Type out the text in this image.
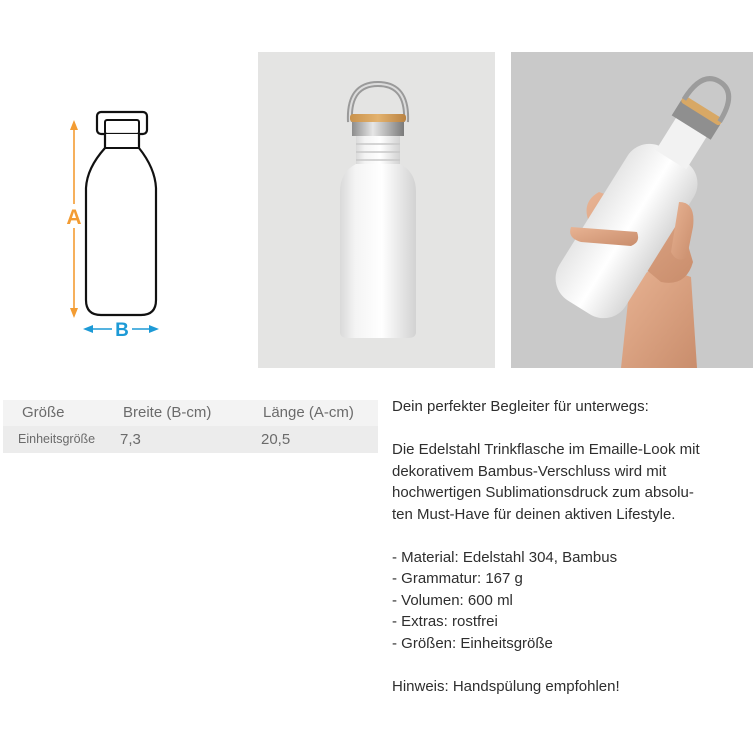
A
B
Größe	Breite (B-cm)	Länge (A-cm)
Einheitsgröße 7,3	20,5

Dein perfekter Begleiter für unterwegs:

Die Edelstahl Trinkflasche im Emaille-Look mit
dekorativem Bambus-Verschluss wird mit
hochwertigen Sublimationsdruck zum absolu-
ten Must-Have für deinen aktiven Lifestyle.
- Material: Edelstahl 304, Bambus
- Grammatur: 167 g
- Volumen: 600 ml
- Extras: rostfrei
- Größen: Einheitsgröße

Hinweis: Handspülung empfohlen!
